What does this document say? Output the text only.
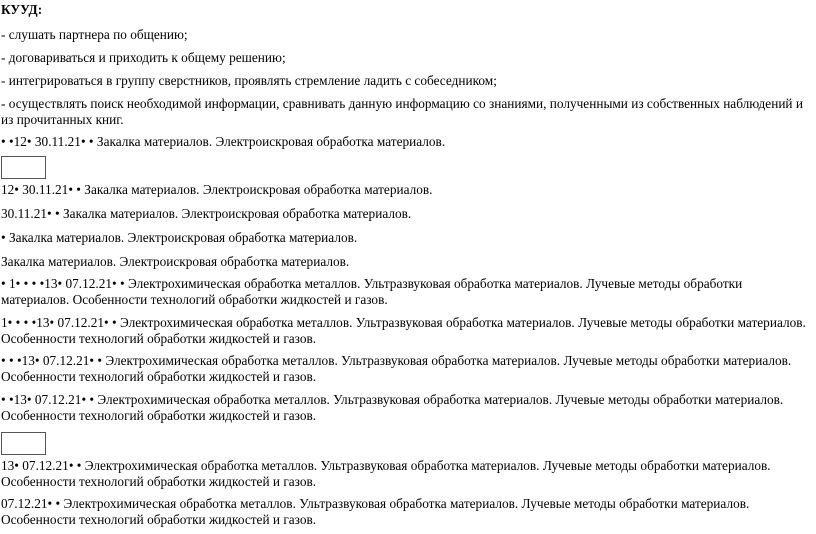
КУУД:

- слушать партнера по общению;

- договариваться и приходить к общему решению;

- интегрироваться в группу сверстников, проявлять стремление ладить с собеседником;

- осуществлять поиск необходимой информации, сравнивать данную информацию со знаниями, полученными из собственных наблюдений и из прочитанных книг.

• •12• 30.11.21• • Закалка материалов. Электроискровая обработка материалов.

12• 30.11.21• • Закалка материалов. Электроискровая обработка материалов.

30.11.21• • Закалка материалов. Электроискровая обработка материалов.

• Закалка материалов. Электроискровая обработка материалов.

Закалка материалов. Электроискровая обработка материалов.

• 1• • • •13• 07.12.21• • Электрохимическая обработка металлов. Ультразвуковая обработка материалов. Лучевые методы обработки материалов. Особенности технологий обработки жидкостей и газов.

1• • • •13• 07.12.21• • Электрохимическая обработка металлов. Ультразвуковая обработка материалов. Лучевые методы обработки материалов. Особенности технологий обработки жидкостей и газов.

• • •13• 07.12.21• • Электрохимическая обработка металлов. Ультразвуковая обработка материалов. Лучевые методы обработки материалов. Особенности технологий обработки жидкостей и газов.

• •13• 07.12.21• • Электрохимическая обработка металлов. Ультразвуковая обработка материалов. Лучевые методы обработки материалов. Особенности технологий обработки жидкостей и газов.

13• 07.12.21• • Электрохимическая обработка металлов. Ультразвуковая обработка материалов. Лучевые методы обработки материалов. Особенности технологий обработки жидкостей и газов.

07.12.21• • Электрохимическая обработка металлов. Ультразвуковая обработка материалов. Лучевые методы обработки материалов. Особенности технологий обработки жидкостей и газов.
